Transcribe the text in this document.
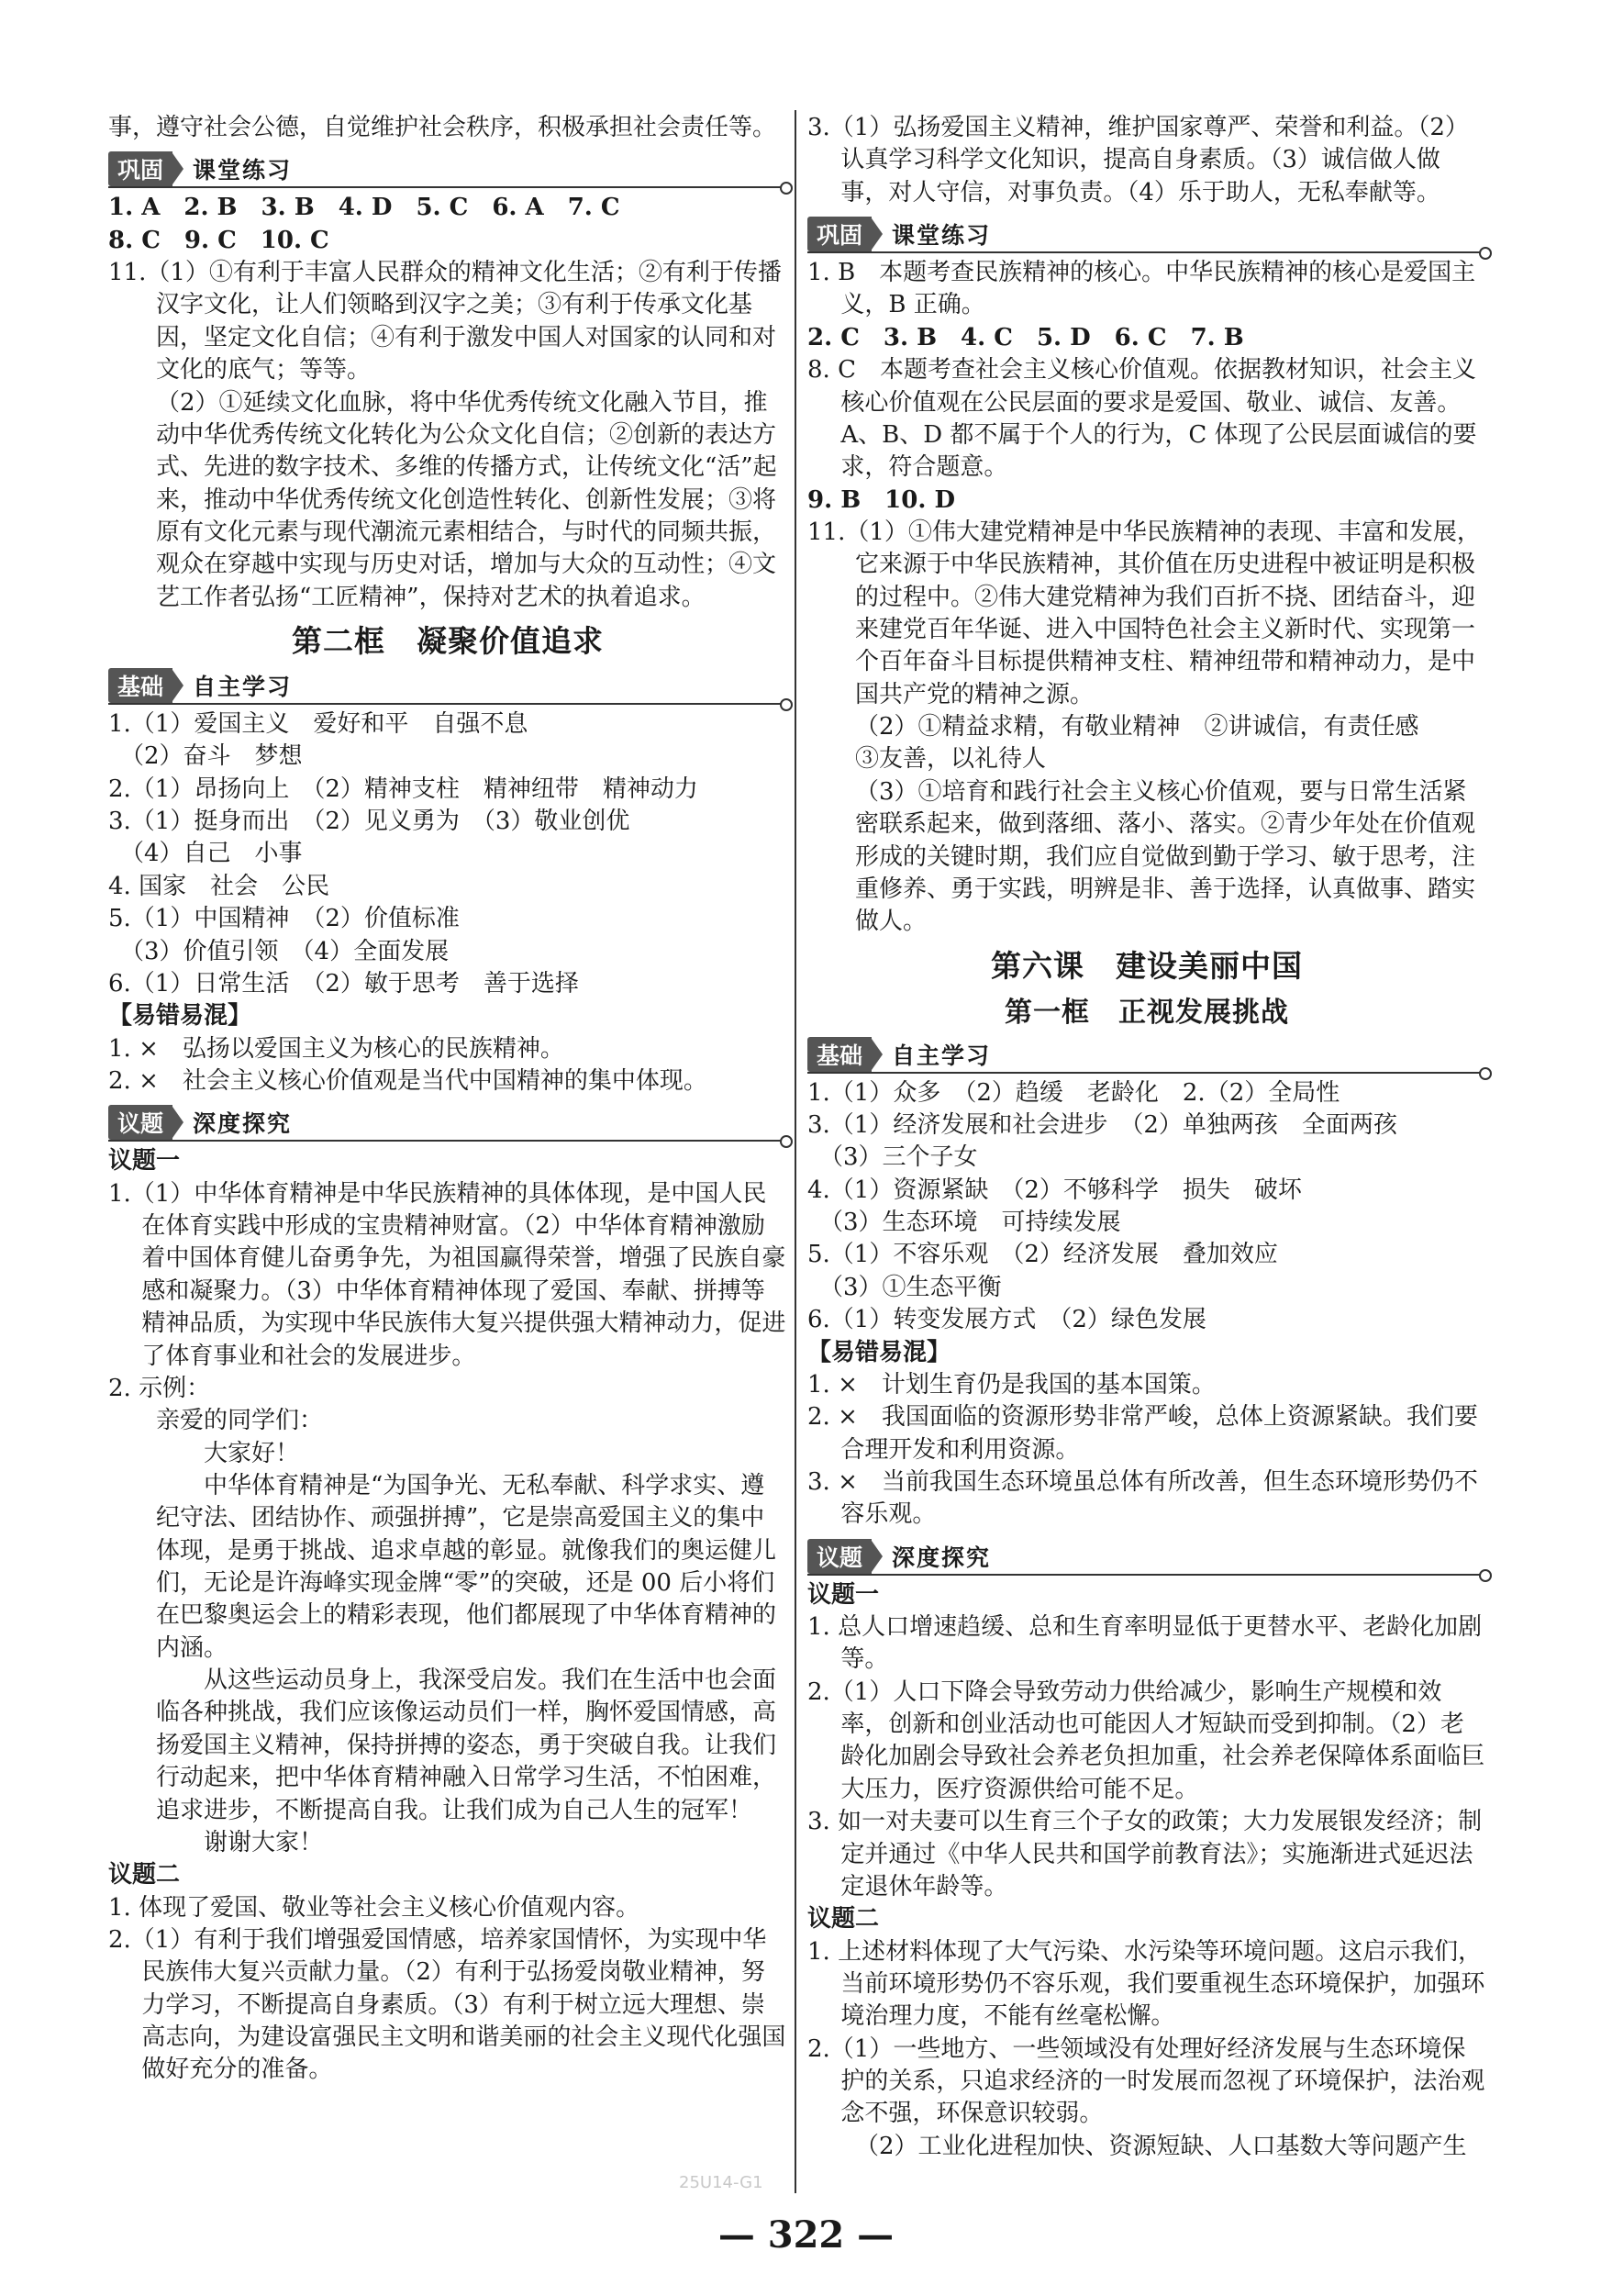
事，遵守社会公德，自觉维护社会秩序，积极承担社会责任等。

巩固	课堂练习

1. A　2. B　3. B　4. D　5. C　6. A　7. C

8. C　9. C　10. C

11.（1）①有利于丰富人民群众的精神文化生活；②有利于传播汉字文化，让人们领略到汉字之美；③有利于传承文化基因，坚定文化自信；④有利于激发中国人对国家的认同和对文化的底气；等等。

（2）①延续文化血脉，将中华优秀传统文化融入节目，推动中华优秀传统文化转化为公众文化自信；②创新的表达方式、先进的数字技术、多维的传播方式，让传统文化“活”起来，推动中华优秀传统文化创造性转化、创新性发展；③将原有文化元素与现代潮流元素相结合，与时代的同频共振，观众在穿越中实现与历史对话，增加与大众的互动性；④文艺工作者弘扬“工匠精神”，保持对艺术的执着追求。

第二框　凝聚价值追求
基础	自主学习

1.（1）爱国主义　爱好和平　自强不息

　（2）奋斗　梦想

2.（1）昂扬向上　（2）精神支柱　精神纽带　精神动力

3.（1）挺身而出　（2）见义勇为　（3）敬业创优

　（4）自己　小事

4. 国家　社会　公民

5.（1）中国精神　（2）价值标准

　（3）价值引领　（4）全面发展

6.（1）日常生活　（2）敏于思考　善于选择

【易错易混】

1. ×　弘扬以爱国主义为核心的民族精神。

2. ×　社会主义核心价值观是当代中国精神的集中体现。

议题	深度探究

议题一

1.（1）中华体育精神是中华民族精神的具体体现，是中国人民在体育实践中形成的宝贵精神财富。（2）中华体育精神激励着中国体育健儿奋勇争先，为祖国赢得荣誉，增强了民族自豪感和凝聚力。（3）中华体育精神体现了爱国、奉献、拼搏等精神品质，为实现中华民族伟大复兴提供强大精神动力，促进了体育事业和社会的发展进步。

2. 示例：

亲爱的同学们：

大家好！

中华体育精神是“为国争光、无私奉献、科学求实、遵纪守法、团结协作、顽强拼搏”，它是崇高爱国主义的集中体现，是勇于挑战、追求卓越的彰显。就像我们的奥运健儿们，无论是许海峰实现金牌“零”的突破，还是 00 后小将们在巴黎奥运会上的精彩表现，他们都展现了中华体育精神的内涵。

从这些运动员身上，我深受启发。我们在生活中也会面临各种挑战，我们应该像运动员们一样，胸怀爱国情感，高扬爱国主义精神，保持拼搏的姿态，勇于突破自我。让我们行动起来，把中华体育精神融入日常学习生活，不怕困难，追求进步，不断提高自我。让我们成为自己人生的冠军！

谢谢大家！

议题二

1. 体现了爱国、敬业等社会主义核心价值观内容。

2.（1）有利于我们增强爱国情感，培养家国情怀，为实现中华民族伟大复兴贡献力量。（2）有利于弘扬爱岗敬业精神，努力学习，不断提高自身素质。（3）有利于树立远大理想、崇高志向，为建设富强民主文明和谐美丽的社会主义现代化强国做好充分的准备。

3.（1）弘扬爱国主义精神，维护国家尊严、荣誉和利益。（2）认真学习科学文化知识，提高自身素质。（3）诚信做人做事，对人守信，对事负责。（4）乐于助人，无私奉献等。

巩固	课堂练习

1. B　本题考查民族精神的核心。中华民族精神的核心是爱国主义，B 正确。

2. C　3. B　4. C　5. D　6. C　7. B

8. C　本题考查社会主义核心价值观。依据教材知识，社会主义核心价值观在公民层面的要求是爱国、敬业、诚信、友善。A、B、D 都不属于个人的行为，C 体现了公民层面诚信的要求，符合题意。

9. B　10. D

11.（1）①伟大建党精神是中华民族精神的表现、丰富和发展，它来源于中华民族精神，其价值在历史进程中被证明是积极的过程中。②伟大建党精神为我们百折不挠、团结奋斗，迎来建党百年华诞、进入中国特色社会主义新时代、实现第一个百年奋斗目标提供精神支柱、精神纽带和精神动力，是中国共产党的精神之源。

（2）①精益求精，有敬业精神　②讲诚信，有责任感

③友善，以礼待人

（3）①培育和践行社会主义核心价值观，要与日常生活紧密联系起来，做到落细、落小、落实。②青少年处在价值观形成的关键时期，我们应自觉做到勤于学习、敏于思考，注重修养、勇于实践，明辨是非、善于选择，认真做事、踏实做人。

第六课　建设美丽中国
第一框　正视发展挑战
基础	自主学习

1.（1）众多　（2）趋缓　老龄化　2.（2）全局性

3.（1）经济发展和社会进步　（2）单独两孩　全面两孩

　（3）三个子女

4.（1）资源紧缺　（2）不够科学　损失　破坏

　（3）生态环境　可持续发展

5.（1）不容乐观　（2）经济发展　叠加效应

　（3）①生态平衡

6.（1）转变发展方式　（2）绿色发展

【易错易混】

1. ×　计划生育仍是我国的基本国策。

2. ×　我国面临的资源形势非常严峻，总体上资源紧缺。我们要合理开发和利用资源。

3. ×　当前我国生态环境虽总体有所改善，但生态环境形势仍不容乐观。

议题	深度探究

议题一

1. 总人口增速趋缓、总和生育率明显低于更替水平、老龄化加剧等。

2.（1）人口下降会导致劳动力供给减少，影响生产规模和效率，创新和创业活动也可能因人才短缺而受到抑制。（2）老龄化加剧会导致社会养老负担加重，社会养老保障体系面临巨大压力，医疗资源供给可能不足。

3. 如一对夫妻可以生育三个子女的政策；大力发展银发经济；制定并通过《中华人民共和国学前教育法》；实施渐进式延迟法定退休年龄等。

议题二

1. 上述材料体现了大气污染、水污染等环境问题。这启示我们，当前环境形势仍不容乐观，我们要重视生态环境保护，加强环境治理力度，不能有丝毫松懈。

2.（1）一些地方、一些领域没有处理好经济发展与生态环境保护的关系，只追求经济的一时发展而忽视了环境保护，法治观念不强，环保意识较弱。

（2）工业化进程加快、资源短缺、人口基数大等问题产生

25U14-G1
— 322 —
